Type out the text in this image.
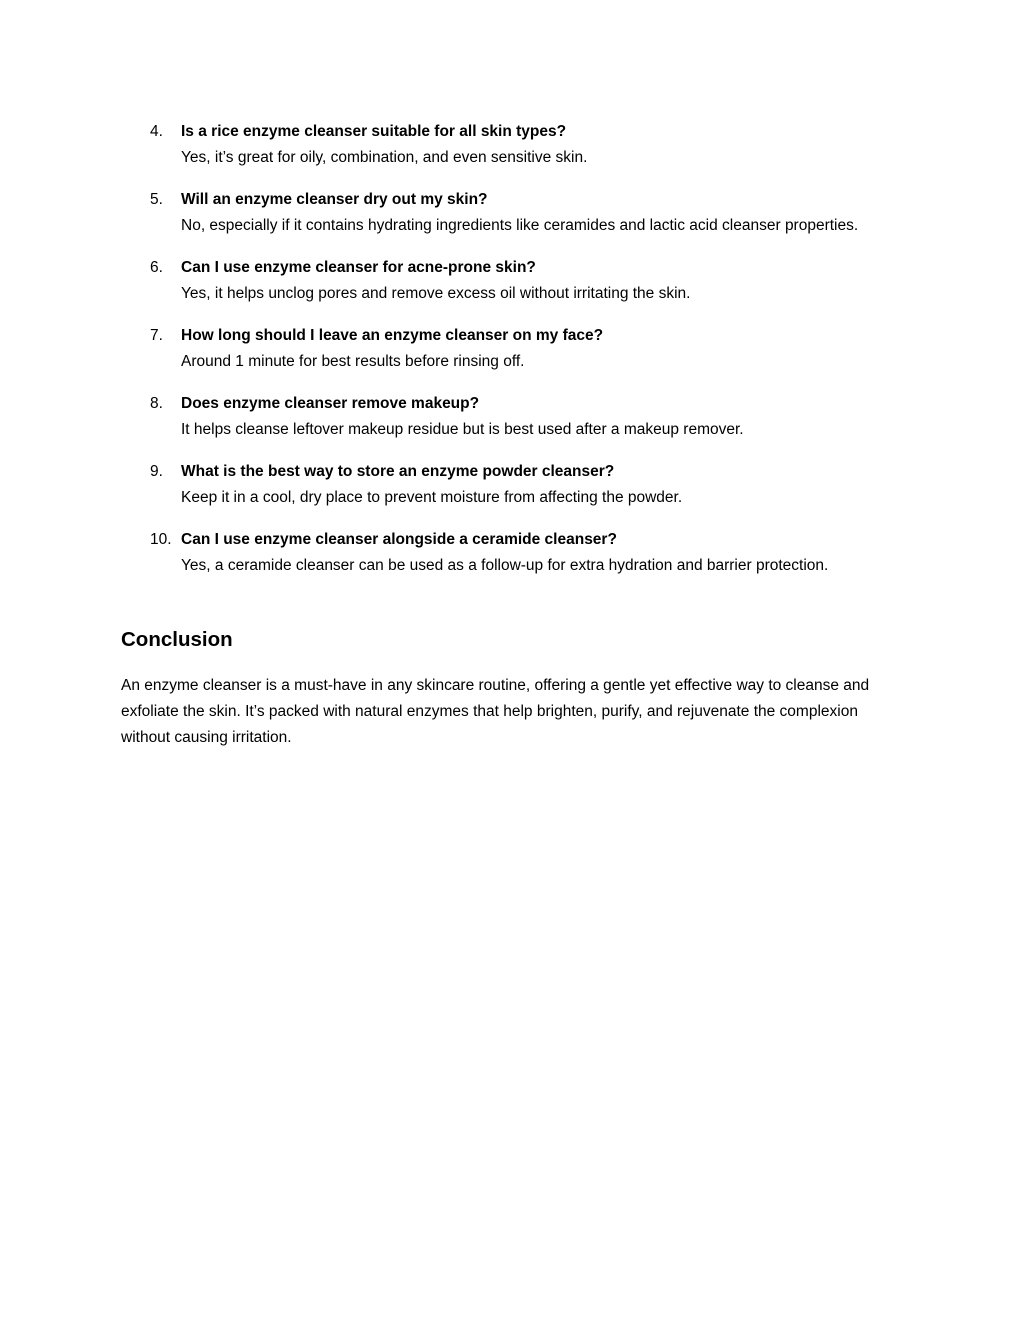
4.	Is a rice enzyme cleanser suitable for all skin types?
Yes, it’s great for oily, combination, and even sensitive skin.
5.	Will an enzyme cleanser dry out my skin?
No, especially if it contains hydrating ingredients like ceramides and lactic acid cleanser properties.
6.	Can I use enzyme cleanser for acne-prone skin?
Yes, it helps unclog pores and remove excess oil without irritating the skin.
7.	How long should I leave an enzyme cleanser on my face?
Around 1 minute for best results before rinsing off.
8.	Does enzyme cleanser remove makeup?
It helps cleanse leftover makeup residue but is best used after a makeup remover.
9.	What is the best way to store an enzyme powder cleanser?
Keep it in a cool, dry place to prevent moisture from affecting the powder.
10. Can I use enzyme cleanser alongside a ceramide cleanser?
Yes, a ceramide cleanser can be used as a follow-up for extra hydration and barrier protection.
Conclusion

An enzyme cleanser is a must-have in any skincare routine, offering a gentle yet effective way to cleanse and exfoliate the skin. It’s packed with natural enzymes that help brighten, purify, and rejuvenate the complexion without causing irritation.
